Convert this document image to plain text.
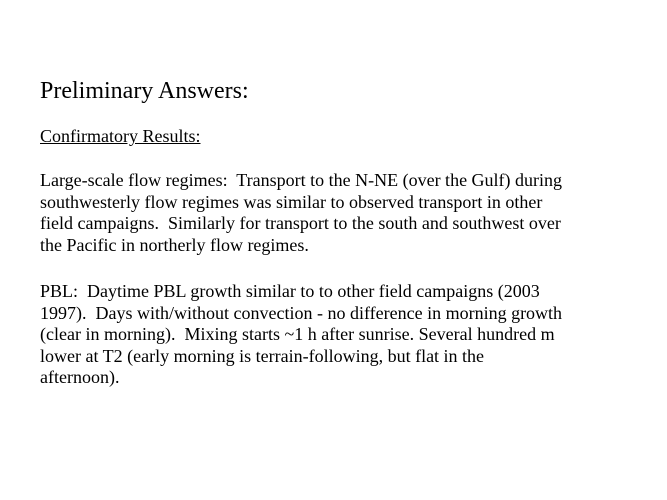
Preliminary Answers:
Confirmatory Results:
Large-scale flow regimes:  Transport to the N-NE (over the Gulf) during
southwesterly flow regimes was similar to observed transport in other
field campaigns.  Similarly for transport to the south and southwest over
the Pacific in northerly flow regimes.
PBL:  Daytime PBL growth similar to to other field campaigns (2003
1997).  Days with/without convection - no difference in morning growth
(clear in morning).  Mixing starts ~1 h after sunrise. Several hundred m
lower at T2 (early morning is terrain-following, but flat in the
afternoon).
